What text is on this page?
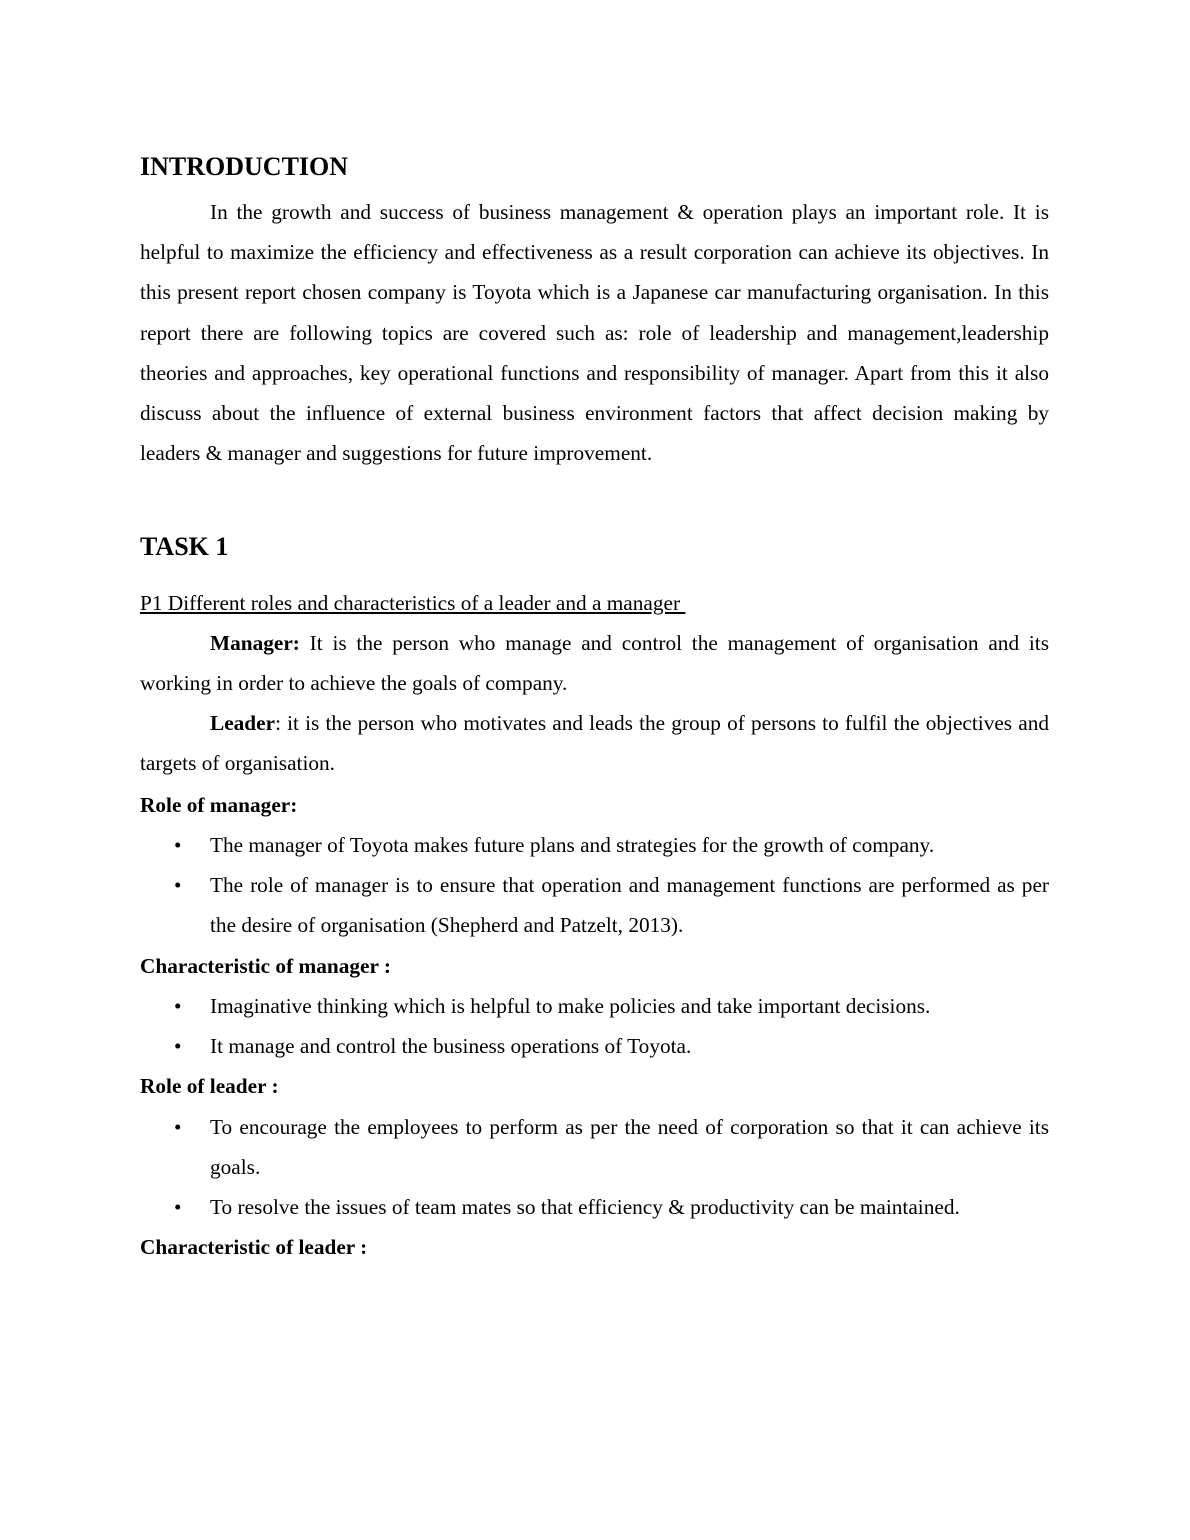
INTRODUCTION

In the growth and success of business management & operation plays an important role. It is helpful to maximize the efficiency and effectiveness as a result corporation can achieve its objectives. In this present report chosen company is Toyota which is a Japanese car manufacturing organisation. In this report there are following topics are covered such as: role of leadership and management,leadership theories and approaches, key operational functions and responsibility of manager. Apart from this it also discuss about the influence of external business environment factors that affect decision making by leaders & manager and suggestions for future improvement.

TASK 1
P1 Different roles and characteristics of a leader and a manager

Manager: It is the person who manage and control the management of organisation and its working in order to achieve the goals of company.

Leader: it is the person who motivates and leads the group of persons to fulfil the objectives and targets of organisation.

Role of manager:
• The manager of Toyota makes future plans and strategies for the growth of company.
• The role of manager is to ensure that operation and management functions are performed as per the desire of organisation (Shepherd and Patzelt, 2013).
Characteristic of manager :
• Imaginative thinking which is helpful to make policies and take important decisions.
• It manage and control the business operations of Toyota.
Role of leader :
• To encourage the employees to perform as per the need of corporation so that it can achieve its goals.
• To resolve the issues of team mates so that efficiency & productivity can be maintained.
Characteristic of leader :
